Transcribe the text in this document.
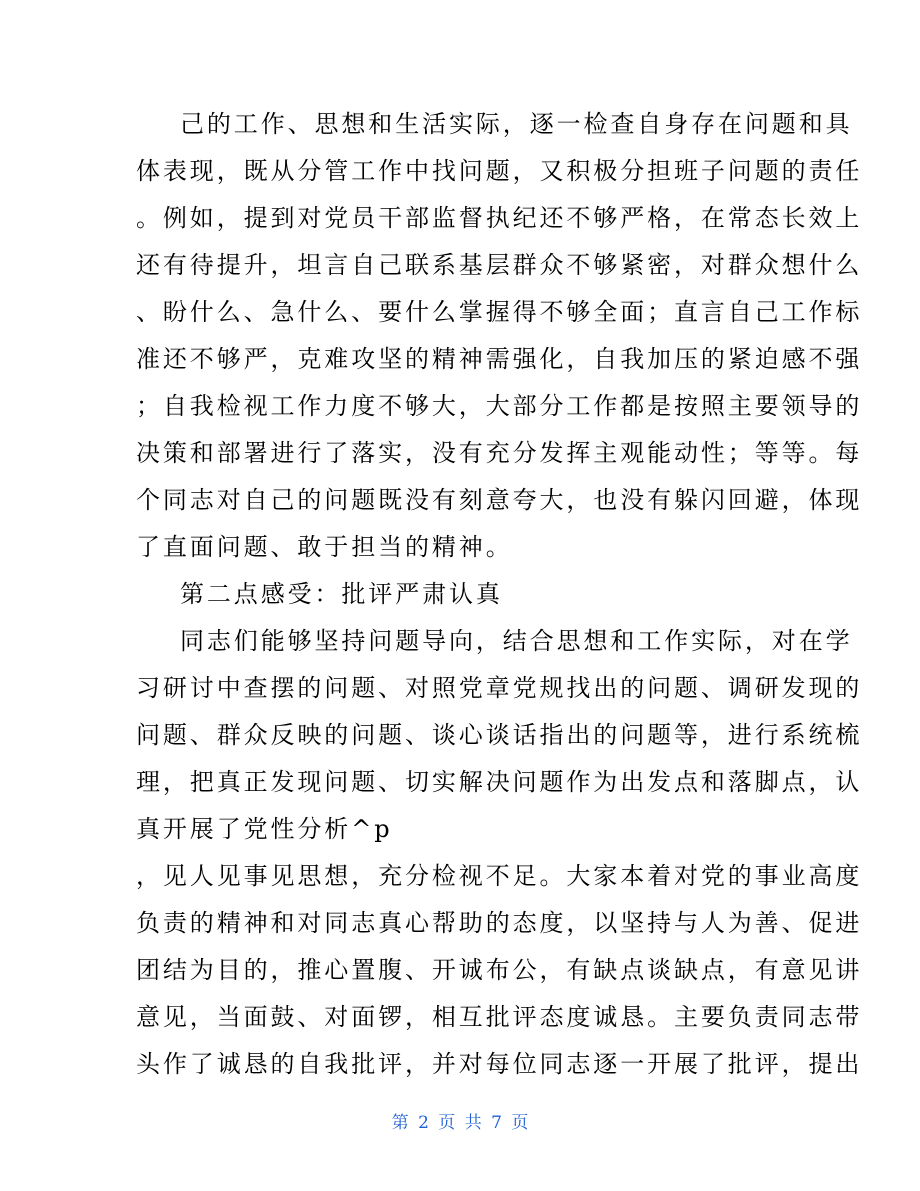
己的工作、思想和生活实际，逐一检查自身存在问题和具
体表现，既从分管工作中找问题，又积极分担班子问题的责任
。例如，提到对党员干部监督执纪还不够严格，在常态长效上
还有待提升，坦言自己联系基层群众不够紧密，对群众想什么
、盼什么、急什么、要什么掌握得不够全面；直言自己工作标
准还不够严，克难攻坚的精神需强化，自我加压的紧迫感不强
；自我检视工作力度不够大，大部分工作都是按照主要领导的
决策和部署进行了落实，没有充分发挥主观能动性；等等。每
个同志对自己的问题既没有刻意夸大，也没有躲闪回避，体现
了直面问题、敢于担当的精神。
第二点感受：批评严肃认真
同志们能够坚持问题导向，结合思想和工作实际，对在学
习研讨中查摆的问题、对照党章党规找出的问题、调研发现的
问题、群众反映的问题、谈心谈话指出的问题等，进行系统梳
理，把真正发现问题、切实解决问题作为出发点和落脚点，认
真开展了党性分析^p
，见人见事见思想，充分检视不足。大家本着对党的事业高度
负责的精神和对同志真心帮助的态度，以坚持与人为善、促进
团结为目的，推心置腹、开诚布公，有缺点谈缺点，有意见讲
意见，当面鼓、对面锣，相互批评态度诚恳。主要负责同志带
头作了诚恳的自我批评，并对每位同志逐一开展了批评，提出
第 2 页 共 7 页
